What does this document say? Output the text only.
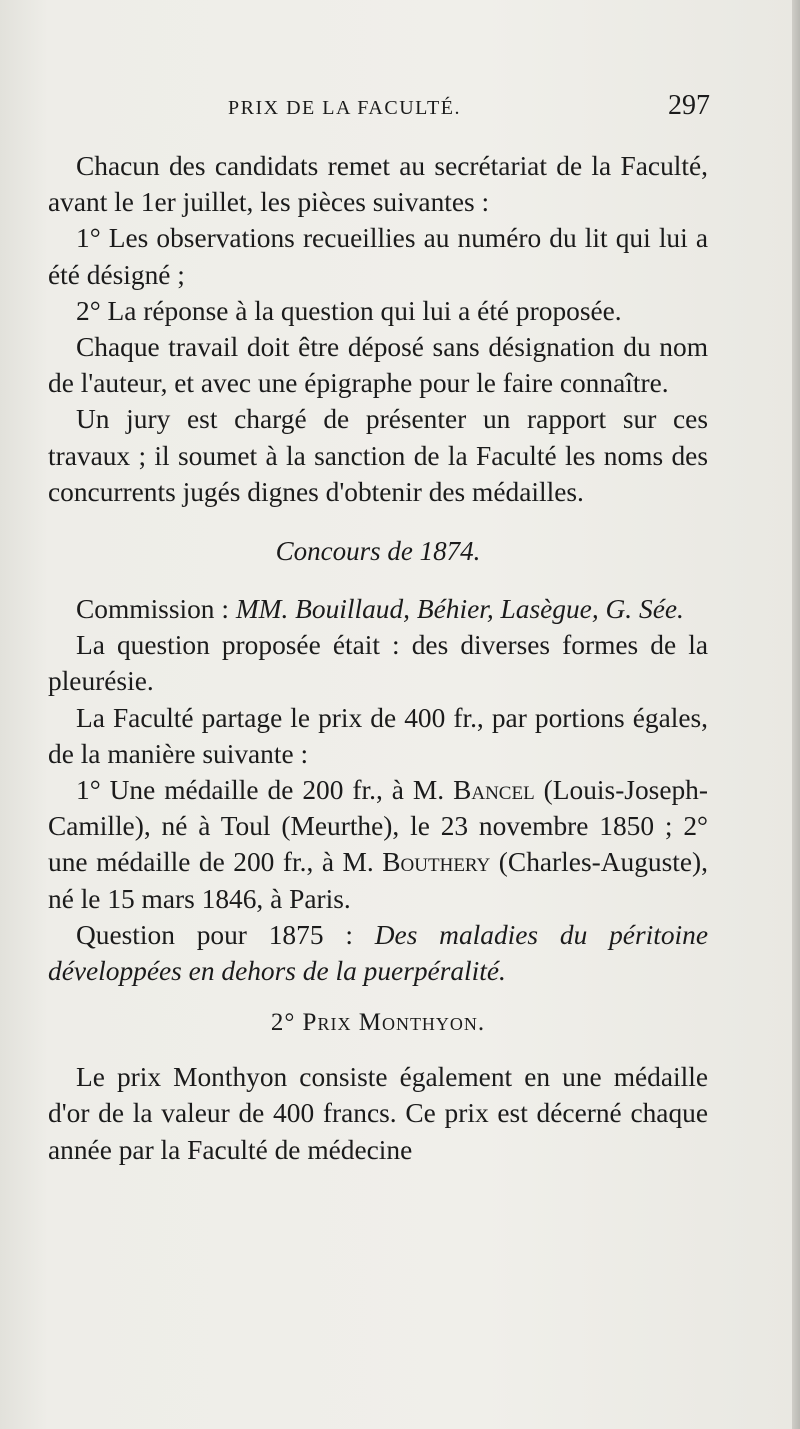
PRIX DE LA FACULTÉ.	297

Chacun des candidats remet au secrétariat de la Faculté, avant le 1er juillet, les pièces suivantes :

1° Les observations recueillies au numéro du lit qui lui a été désigné ;

2° La réponse à la question qui lui a été proposée.

Chaque travail doit être déposé sans désignation du nom de l'auteur, et avec une épigraphe pour le faire connaître.

Un jury est chargé de présenter un rapport sur ces travaux ; il soumet à la sanction de la Faculté les noms des concurrents jugés dignes d'obtenir des médailles.

Concours de 1874.

Commission : MM. Bouillaud, Béhier, Lasègue, G. Sée.

La question proposée était : des diverses formes de la pleurésie.

La Faculté partage le prix de 400 fr., par portions égales, de la manière suivante :

1° Une médaille de 200 fr., à M. Bancel (Louis-Joseph-Camille), né à Toul (Meurthe), le 23 novembre 1850 ; 2° une médaille de 200 fr., à M. Bouthery (Charles-Auguste), né le 15 mars 1846, à Paris.

Question pour 1875 : Des maladies du péritoine développées en dehors de la puerpéralité.

2° Prix Monthyon.

Le prix Monthyon consiste également en une médaille d'or de la valeur de 400 francs. Ce prix est décerné chaque année par la Faculté de médecine
